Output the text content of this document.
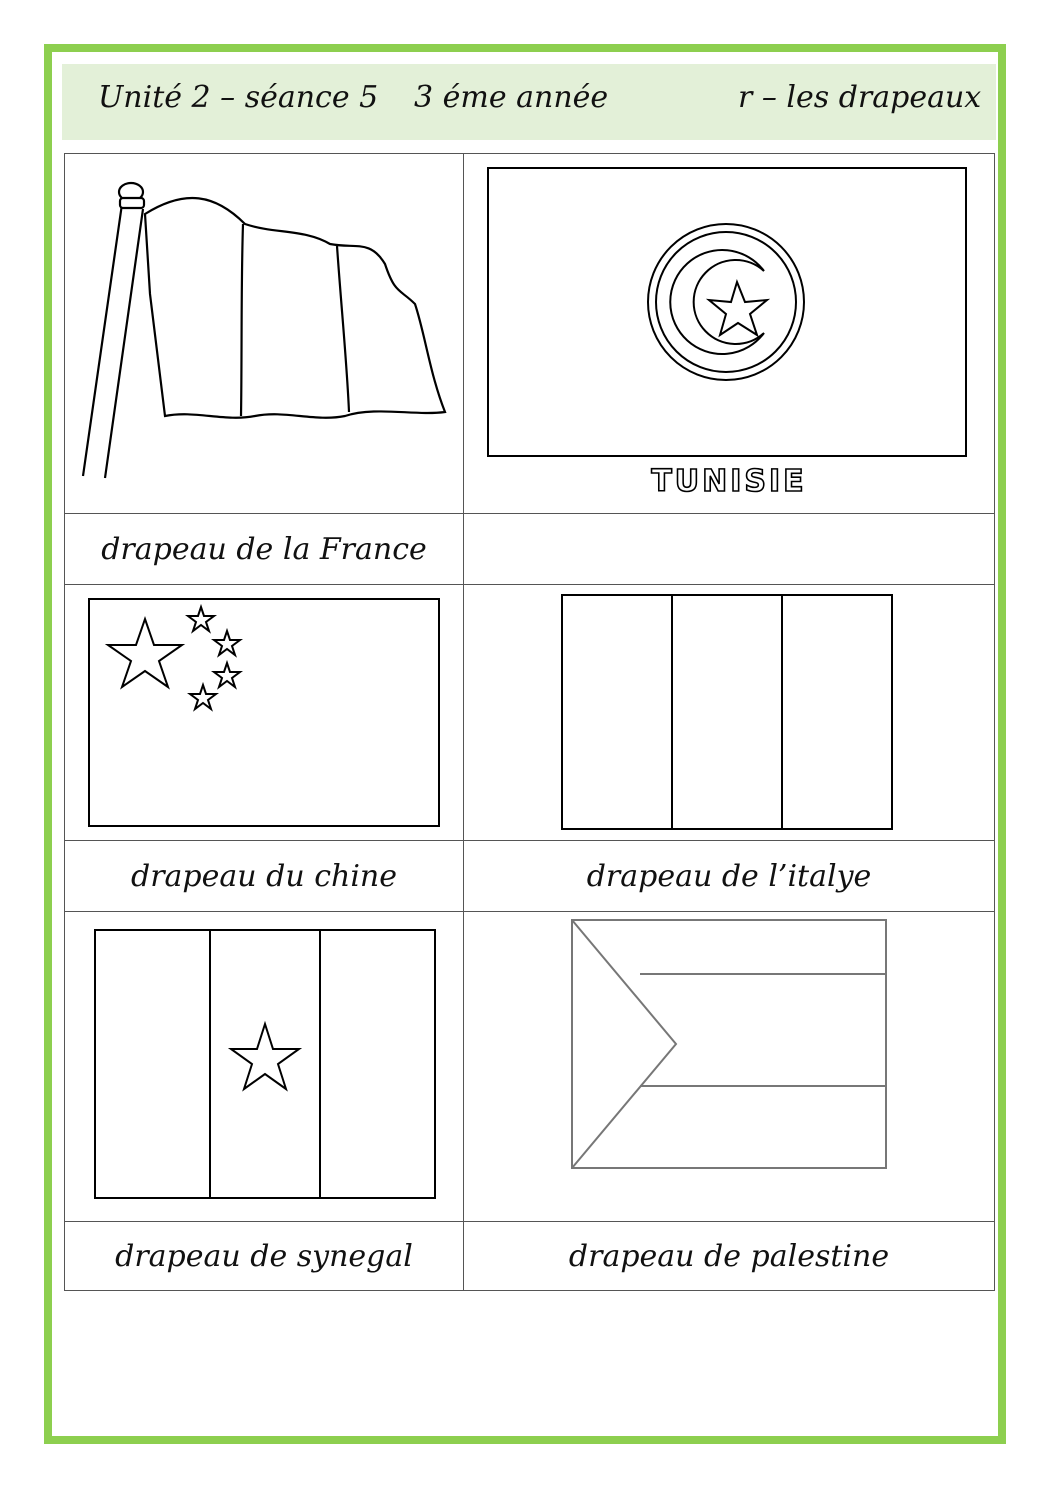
Unité 2 – séance 5 3 éme année	r – les drapeaux
TUNISIE
drapeau de la France
drapeau du chine	drapeau de l’italye
drapeau de synegal	drapeau de palestine
